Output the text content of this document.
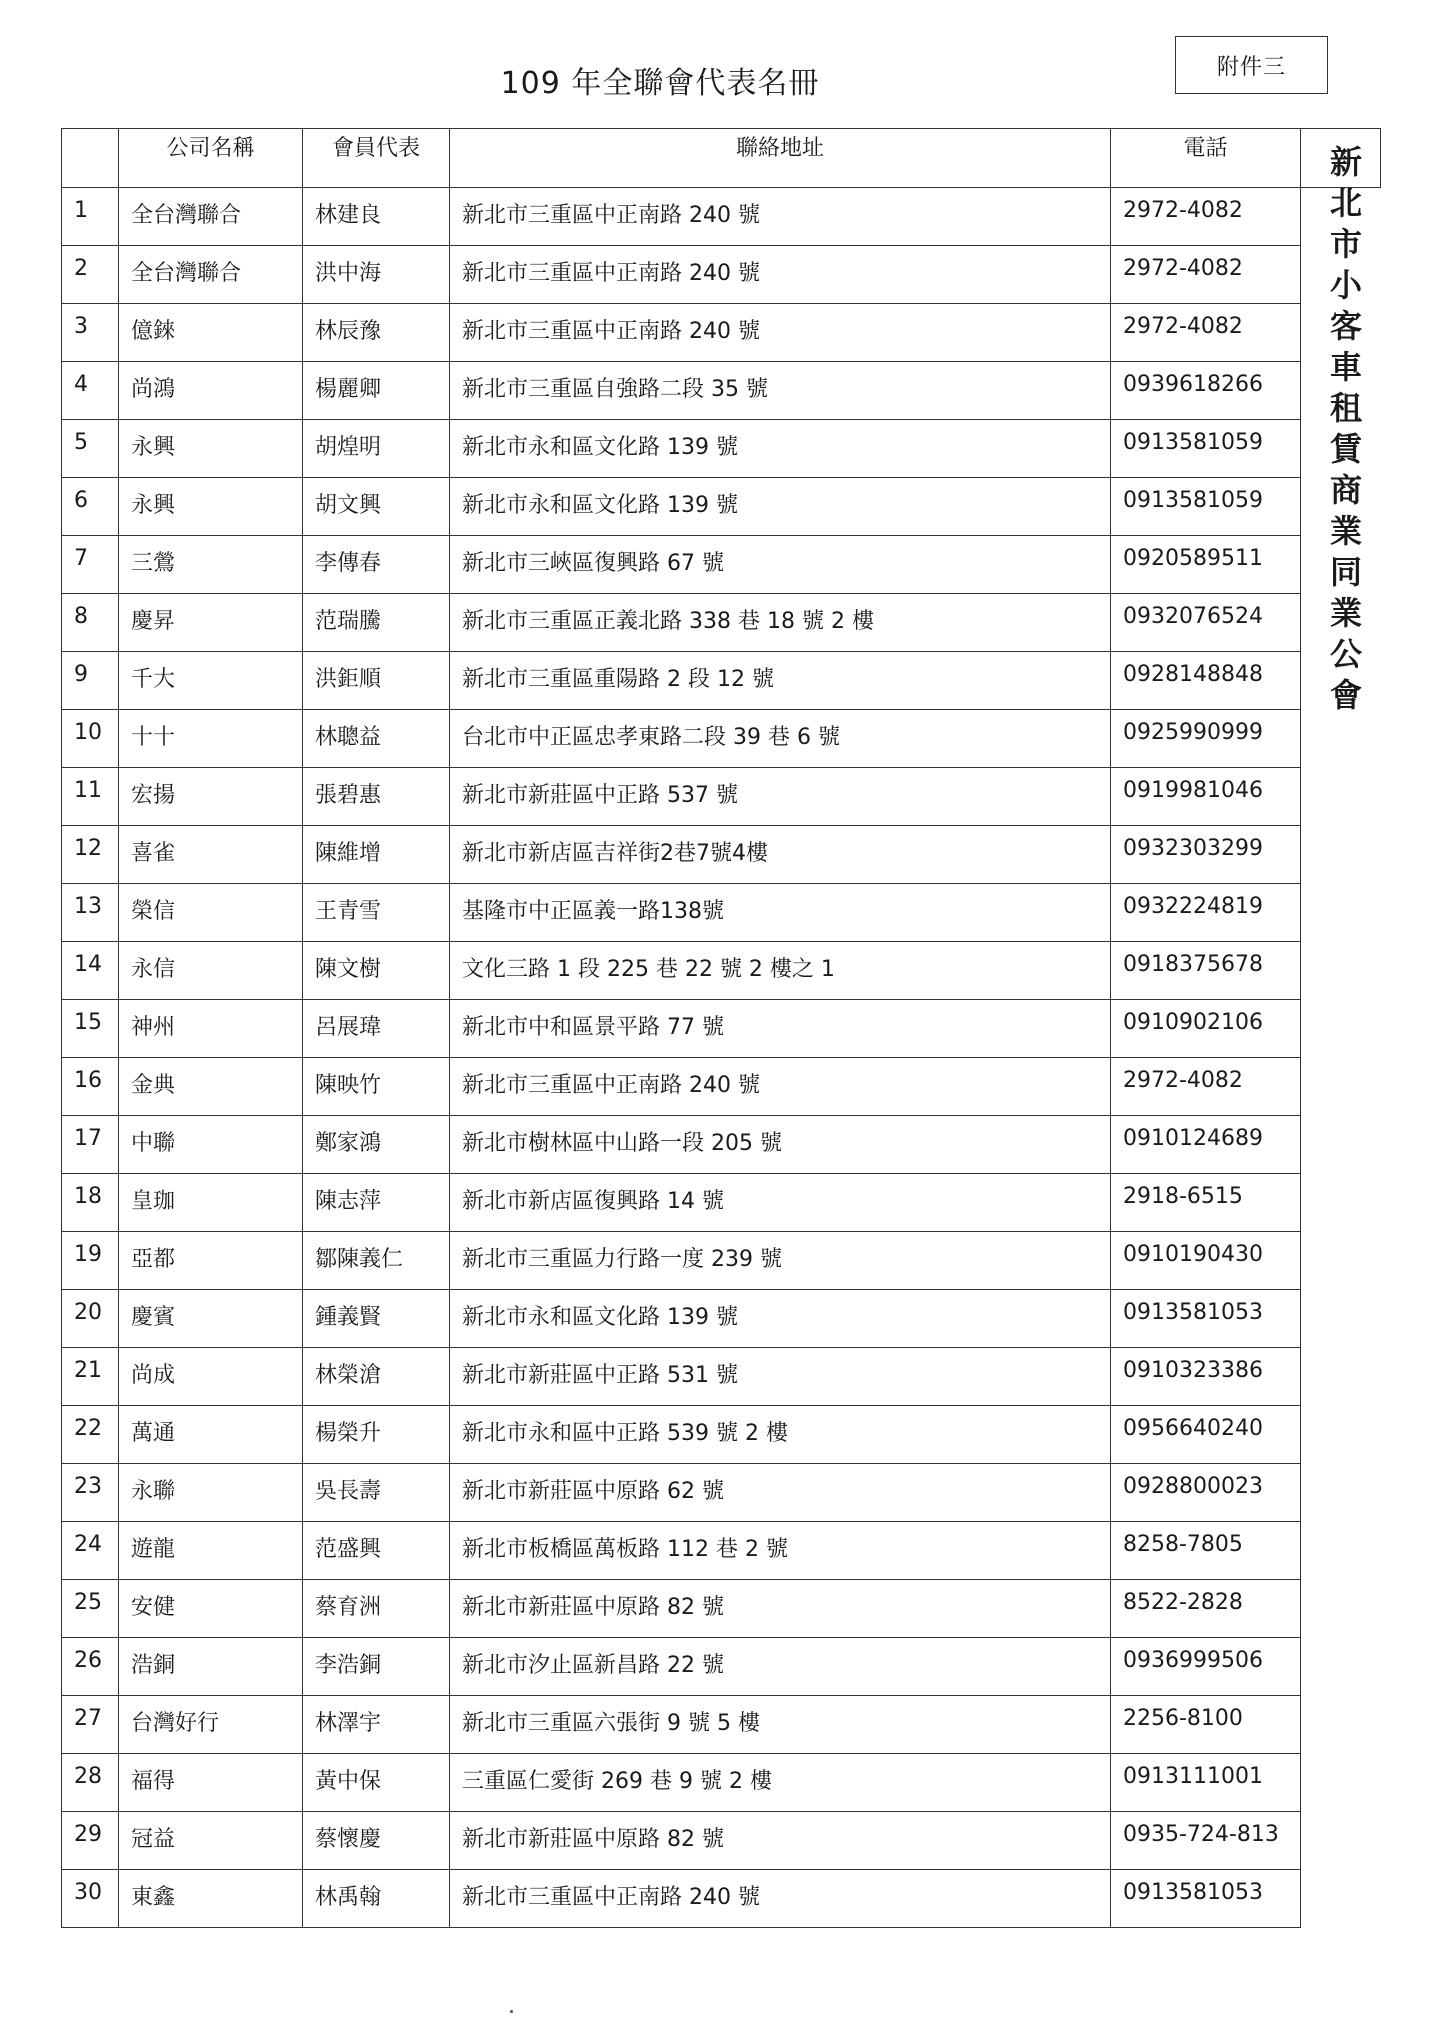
109 年全聯會代表名冊	附件三
	公司名稱	會員代表	聯絡地址	電話	新北市小客車租賃商業同業公會

1	全台灣聯合	林建良	新北市三重區中正南路 240 號	2972-4082	
2	全台灣聯合	洪中海	新北市三重區中正南路 240 號	2972-4082	
3	億錸	林辰豫	新北市三重區中正南路 240 號	2972-4082	
4	尚鴻	楊麗卿	新北市三重區自強路二段 35 號	0939618266	
5	永興	胡煌明	新北市永和區文化路 139 號	0913581059	
6	永興	胡文興	新北市永和區文化路 139 號	0913581059	
7	三鶯	李傳春	新北市三峽區復興路 67 號	0920589511	
8	慶昇	范瑞騰	新北市三重區正義北路 338 巷 18 號 2 樓	0932076524	
9	千大	洪鉅順	新北市三重區重陽路 2 段 12 號	0928148848	
10	十十	林聰益	台北市中正區忠孝東路二段 39 巷 6 號	0925990999	
11	宏揚	張碧惠	新北市新莊區中正路 537 號	0919981046	
12	喜雀	陳維增	新北市新店區吉祥街2巷7號4樓	0932303299	
13	榮信	王青雪	基隆市中正區義一路138號	0932224819	
14	永信	陳文樹	文化三路 1 段 225 巷 22 號 2 樓之 1	0918375678	
15	神州	呂展瑋	新北市中和區景平路 77 號	0910902106	
16	金典	陳映竹	新北市三重區中正南路 240 號	2972-4082	
17	中聯	鄭家鴻	新北市樹林區中山路一段 205 號	0910124689	
18	皇珈	陳志萍	新北市新店區復興路 14 號	2918-6515	
19	亞都	鄒陳義仁	新北市三重區力行路一度 239 號	0910190430	
20	慶賓	鍾義賢	新北市永和區文化路 139 號	0913581053	
21	尚成	林榮滄	新北市新莊區中正路 531 號	0910323386	
22	萬通	楊榮升	新北市永和區中正路 539 號 2 樓	0956640240	
23	永聯	吳長壽	新北市新莊區中原路 62 號	0928800023	
24	遊龍	范盛興	新北市板橋區萬板路 112 巷 2 號	8258-7805	
25	安健	蔡育洲	新北市新莊區中原路 82 號	8522-2828	
26	浩銅	李浩銅	新北市汐止區新昌路 22 號	0936999506	
27	台灣好行	林澤宇	新北市三重區六張街 9 號 5 樓	2256-8100	
28	福得	黃中保	三重區仁愛街 269 巷 9 號 2 樓	0913111001	
29	冠益	蔡懷慶	新北市新莊區中原路 82 號	0935-724-813	
30	東鑫	林禹翰	新北市三重區中正南路 240 號	0913581053	
